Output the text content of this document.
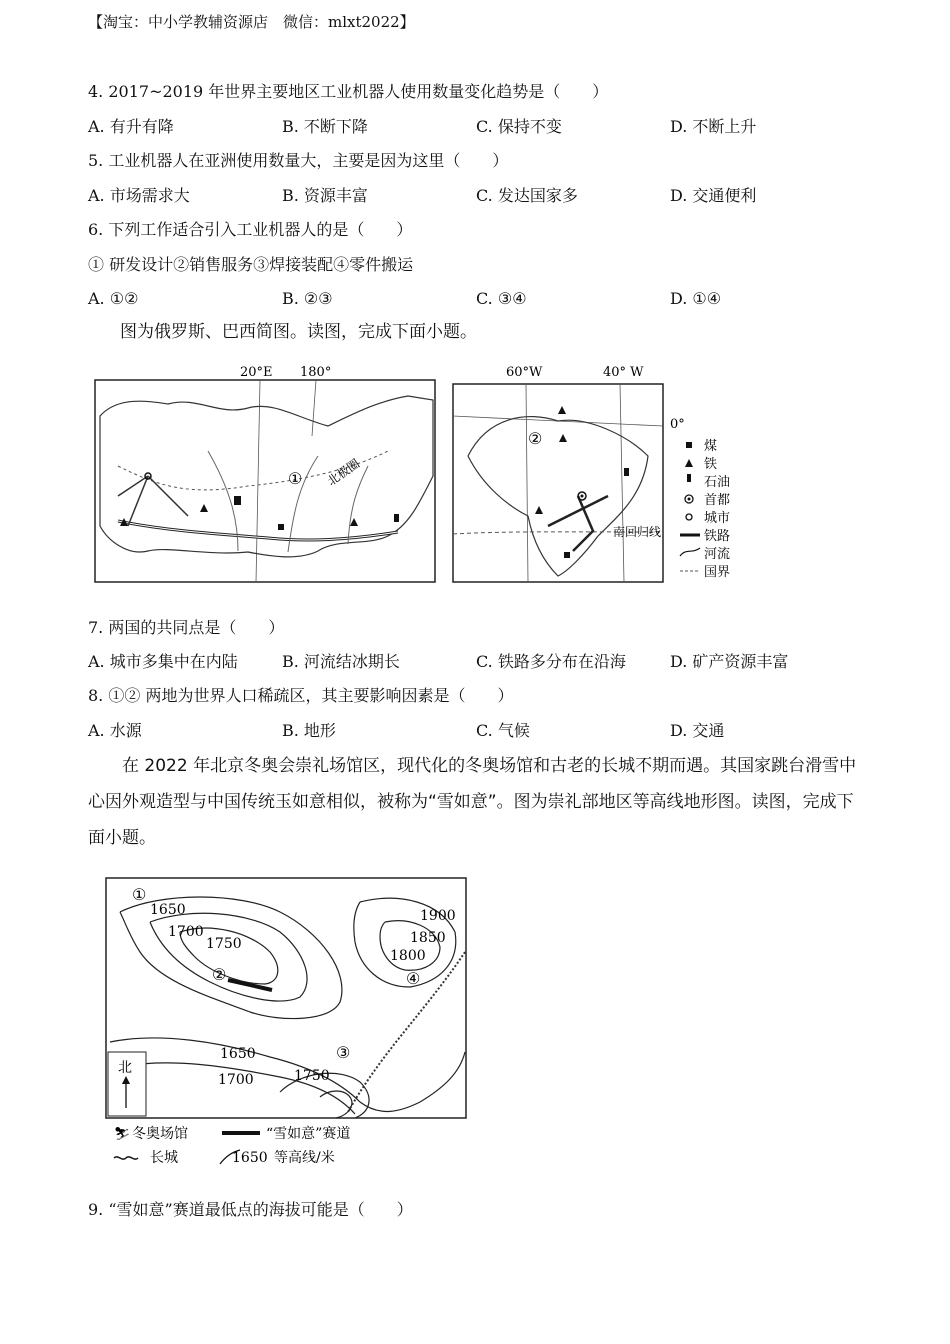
【淘宝：中小学教辅资源店　微信：mlxt2022】
4. 2017~2019 年世界主要地区工业机器人使用数量变化趋势是（　　）
A. 有升有降	B. 不断下降	C. 保持不变	D. 不断上升
5. 工业机器人在亚洲使用数量大，主要是因为这里（　　）
A. 市场需求大	B. 资源丰富	C. 发达国家多	D. 交通便利
6. 下列工作适合引入工业机器人的是（　　）
① 研发设计②销售服务③焊接装配④零件搬运
A. ①②	B. ②③	C. ③④	D. ①④
图为俄罗斯、巴西简图。读图，完成下面小题。
20°E 180°
① 北极圈
60°W	40° W
0°
南回归线
②	煤
铁
石油
首都
城市
铁路
河流
国界
7. 两国的共同点是（　　）
A. 城市多集中在内陆	B. 河流结冰期长	C. 铁路多分布在沿海	D. 矿产资源丰富
8. ①② 两地为世界人口稀疏区，其主要影响因素是（　　）
A. 水源	B. 地形	C. 气候	D. 交通
在 2022 年北京冬奥会崇礼场馆区，现代化的冬奥场馆和古老的长城不期而遇。其国家跳台滑雪中心因外观造型与中国传统玉如意相似，被称为“雪如意”。图为崇礼部地区等高线地形图。读图，完成下面小题。
1650
1700
1750
1900
1850
1800
1650
1700	1750
①
②
③
④
北
⛷ 冬奥场馆	“雪如意”赛道
长城	1650 等高线/米
9. “雪如意”赛道最低点的海拔可能是（　　）
